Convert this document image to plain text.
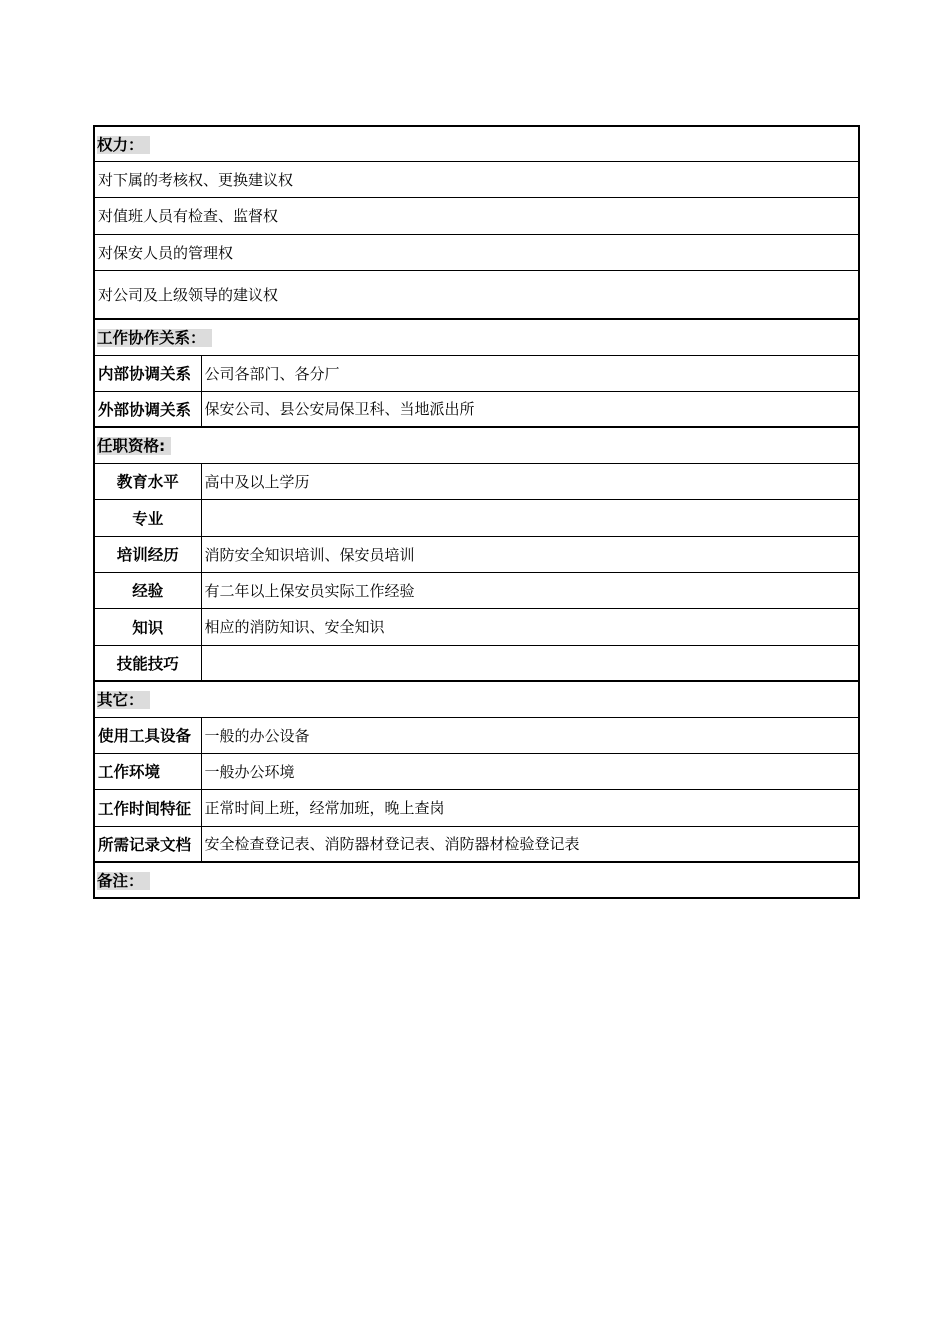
权力：	
对下属的考核权、更换建议权	
对值班人员有检查、监督权	
对保安人员的管理权	
对公司及上级领导的建议权	
工作协作关系：	
内部协调关系	公司各部门、各分厂
外部协调关系	保安公司、县公安局保卫科、当地派出所
任职资格:	
教育水平	高中及以上学历
专业	
培训经历	消防安全知识培训、保安员培训
经验	有二年以上保安员实际工作经验
知识	相应的消防知识、安全知识
技能技巧	
其它：	
使用工具设备	一般的办公设备
工作环境	一般办公环境
工作时间特征	正常时间上班，经常加班，晚上查岗
所需记录文档	安全检查登记表、消防器材登记表、消防器材检验登记表
备注：	
